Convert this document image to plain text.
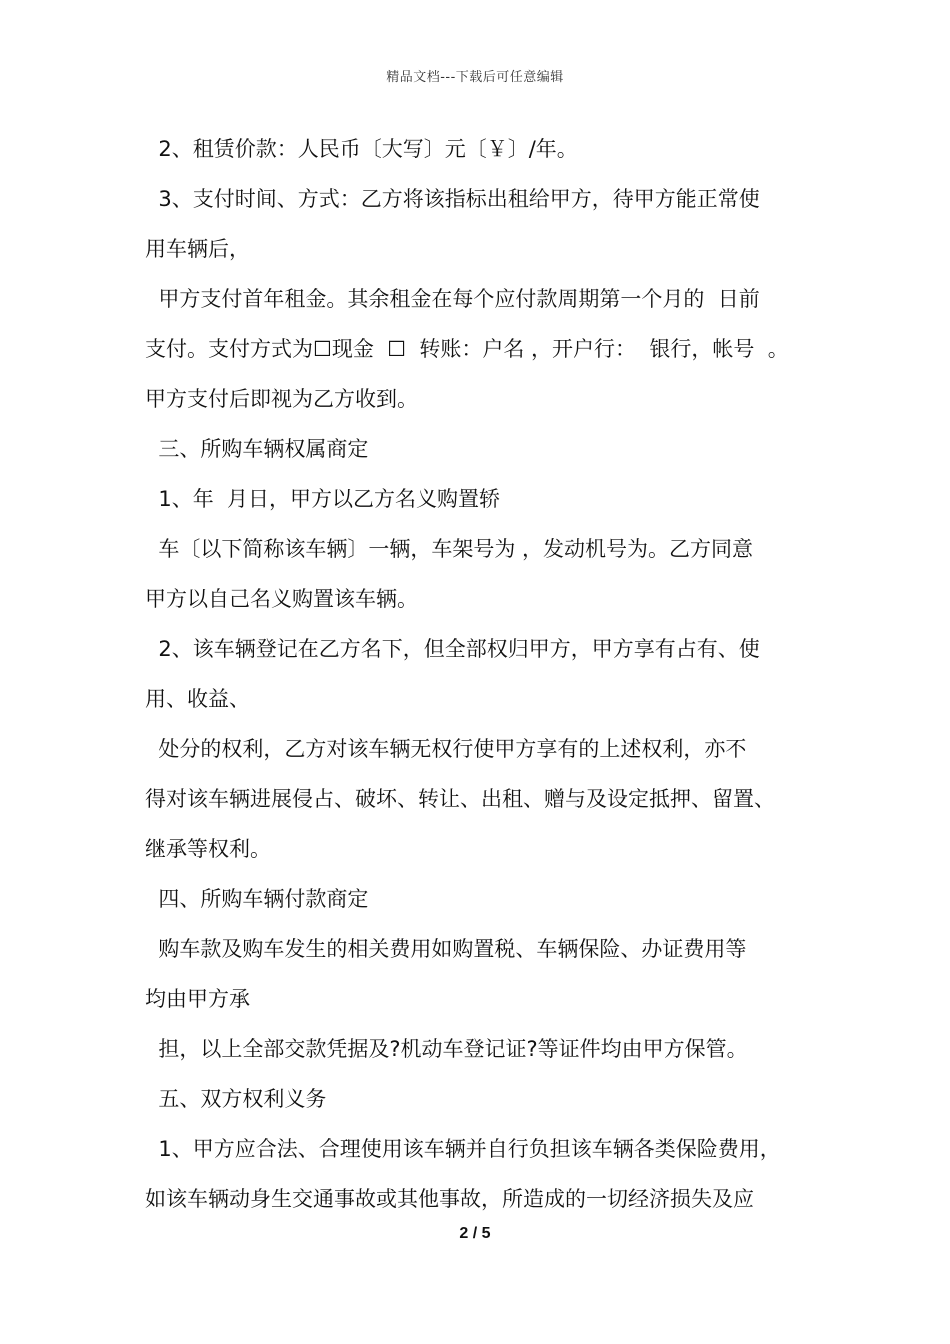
精品文档---下载后可任意编辑
2、租赁价款：人民币〔大写〕元〔￥〕/年。
3、支付时间、方式：乙方将该指标出租给甲方，待甲方能正常使
用车辆后，
甲方支付首年租金。其余租金在每个应付款周期第一个月的  日前
支付。支付方式为☐现金  ☐  转账：户名 ，开户行：  银行，帐号  。
甲方支付后即视为乙方收到。
三、所购车辆权属商定
1、年  月日，甲方以乙方名义购置轿
车〔以下简称该车辆〕一辆，车架号为 ，发动机号为。乙方同意
甲方以自己名义购置该车辆。
2、该车辆登记在乙方名下，但全部权归甲方，甲方享有占有、使
用、收益、
处分的权利，乙方对该车辆无权行使甲方享有的上述权利，亦不
得对该车辆进展侵占、破坏、转让、出租、赠与及设定抵押、留置、
继承等权利。
四、所购车辆付款商定
购车款及购车发生的相关费用如购置税、车辆保险、办证费用等
均由甲方承
担，以上全部交款凭据及?机动车登记证?等证件均由甲方保管。
五、双方权利义务
1、甲方应合法、合理使用该车辆并自行负担该车辆各类保险费用，
如该车辆动身生交通事故或其他事故，所造成的一切经济损失及应
2 / 5
